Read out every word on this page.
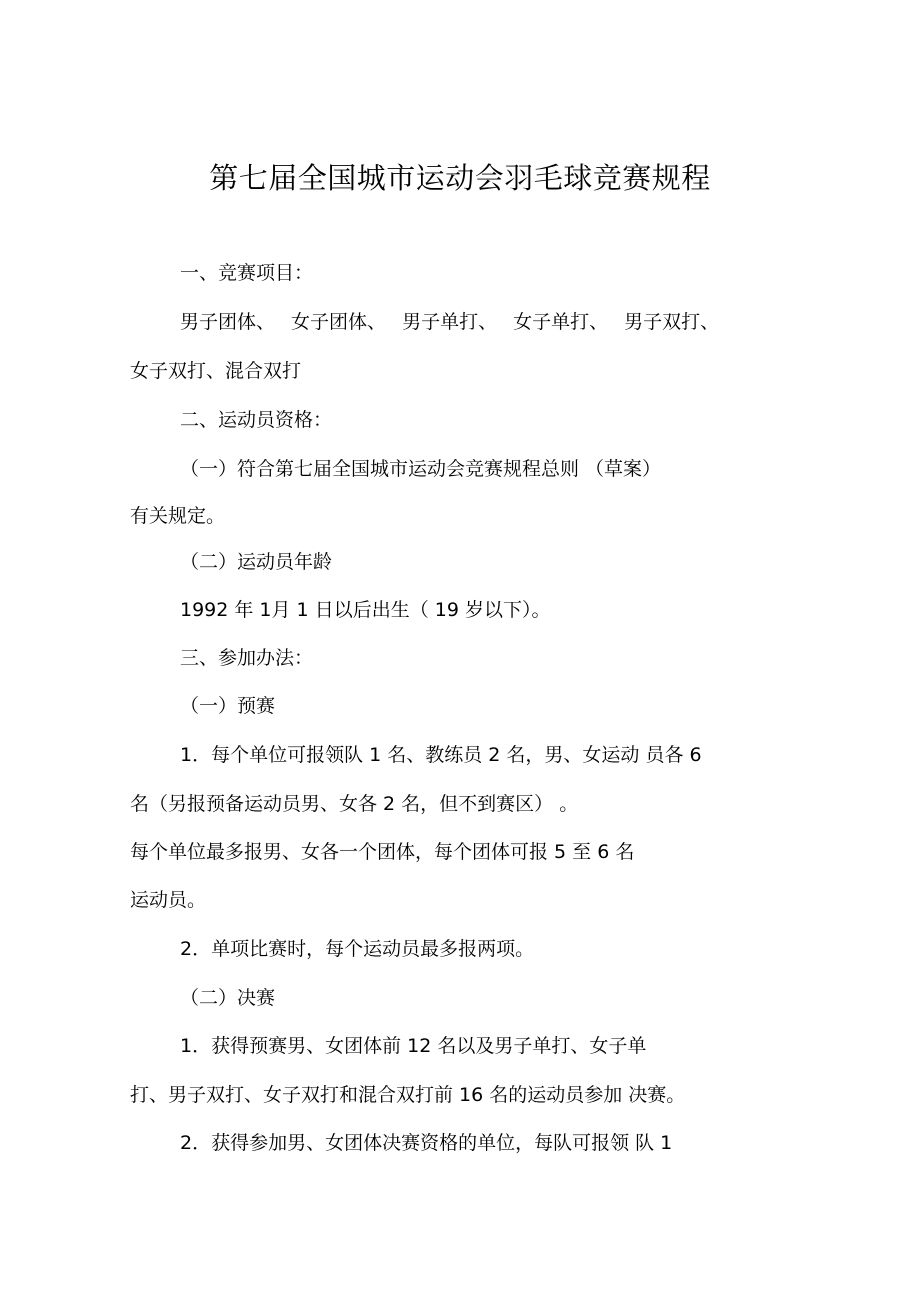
第七届全国城市运动会羽毛球竞赛规程
一、竞赛项目：
男子团体、 女子团体、 男子单打、 女子单打、 男子双打、
女子双打、混合双打
二、运动员资格：
（一）符合第七届全国城市运动会竞赛规程总则 （草案）
有关规定。
（二）运动员年龄
1992 年 1月 1 日以后出生（ 19 岁以下）。
三、参加办法：
（一）预赛
1．每个单位可报领队 1 名、教练员 2 名，男、女运动 员各 6
名（另报预备运动员男、女各 2 名，但不到赛区） 。
每个单位最多报男、女各一个团体，每个团体可报 5 至 6 名
运动员。
2．单项比赛时，每个运动员最多报两项。
（二）决赛
1．获得预赛男、女团体前 12 名以及男子单打、女子单
打、男子双打、女子双打和混合双打前 16 名的运动员参加 决赛。
2．获得参加男、女团体决赛资格的单位，每队可报领 队 1
